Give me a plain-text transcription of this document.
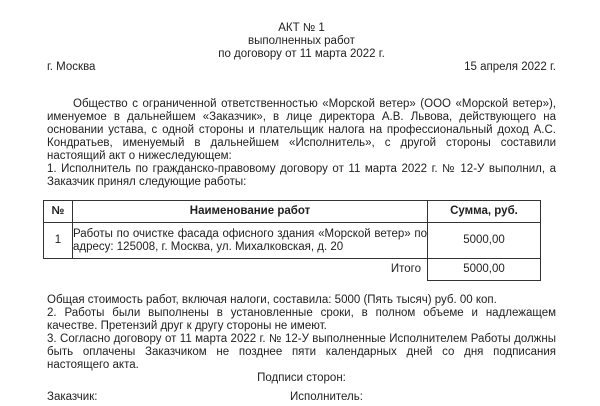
АКТ № 1
выполненных работ
по договору от 11 марта 2022 г.
г. Москва	15 апреля 2022 г.

Общество с ограниченной ответственностью «Морской ветер» (ООО «Морской ветер»), именуемое в дальнейшем «Заказчик», в лице директора А.В. Львова, действующего на основании устава, с одной стороны и плательщик налога на профессиональный доход А.С. Кондратьев, именуемый в дальнейшем «Исполнитель», с другой стороны составили настоящий акт о нижеследующем:

1. Исполнитель по гражданско-правовому договору от 11 марта 2022 г. № 12-У выполнил, а Заказчик принял следующие работы:

№	Наименование работ	Сумма, руб.
1	Работы по очистке фасада офисного здания «Морской ветер» по адресу: 125008, г. Москва, ул. Михалковская, д. 20	5000,00
Итого		5000,00

Общая стоимость работ, включая налоги, составила: 5000 (Пять тысяч) руб. 00 коп.

2. Работы были выполнены в установленные сроки, в полном объеме и надлежащем качестве. Претензий друг к другу стороны не имеют.

3. Согласно договору от 11 марта 2022 г. № 12-У выполненные Исполнителем Работы должны быть оплачены Заказчиком не позднее пяти календарных дней со дня подписания настоящего акта.

Подписи сторон:
Заказчик:	Исполнитель:
